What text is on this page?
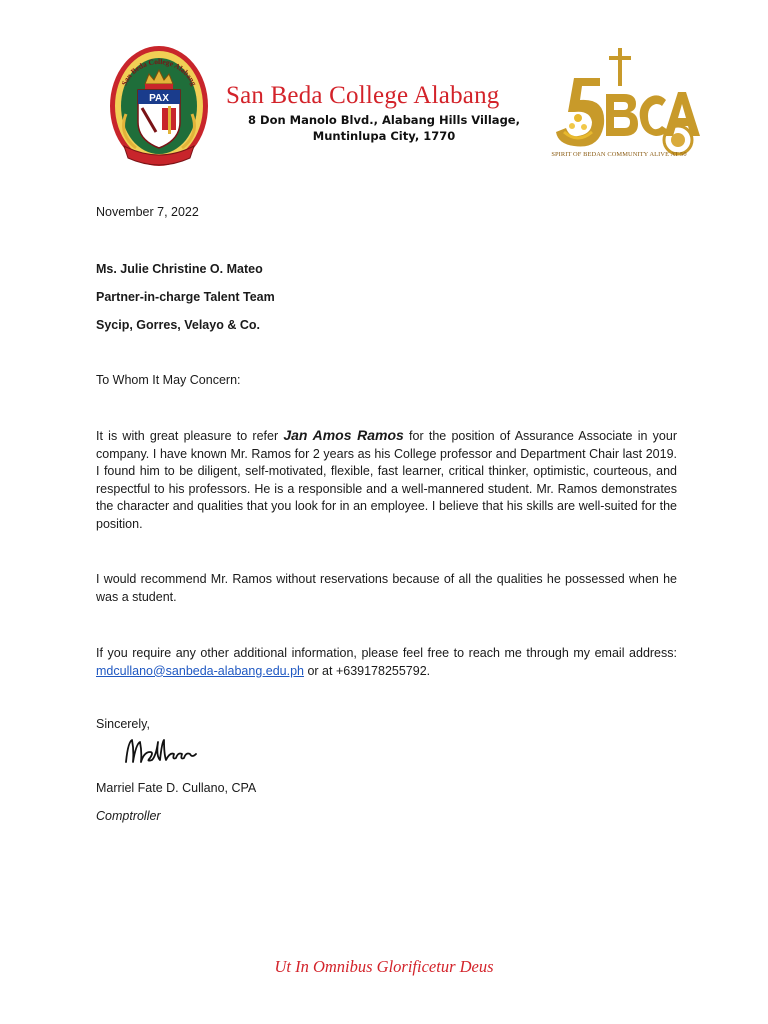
San Beda College Alabang
PAX San Beda College Alabang
8 Don Manolo Blvd., Alabang Hills Village,
Muntinlupa City, 1770
SPIRIT OF BEDAN COMMUNITY ALIVE AT 50
November 7, 2022
Ms. Julie Christine O. Mateo
Partner-in-charge Talent Team
Sycip, Gorres, Velayo & Co.
To Whom It May Concern:
It is with great pleasure to refer Jan Amos Ramos for the position of Assurance Associate in your company. I have known Mr. Ramos for 2 years as his College professor and Department Chair last 2019. I found him to be diligent, self-motivated, flexible, fast learner, critical thinker, optimistic, courteous, and respectful to his professors. He is a responsible and a well-mannered student. Mr. Ramos demonstrates the character and qualities that you look for in an employee. I believe that his skills are well-suited for the position.
I would recommend Mr. Ramos without reservations because of all the qualities he possessed when he was a student.
If you require any other additional information, please feel free to reach me through my email address: mdcullano@sanbeda-alabang.edu.ph or at +639178255792.
Sincerely,
Marriel Fate D. Cullano, CPA
Comptroller
Ut In Omnibus Glorificetur Deus
